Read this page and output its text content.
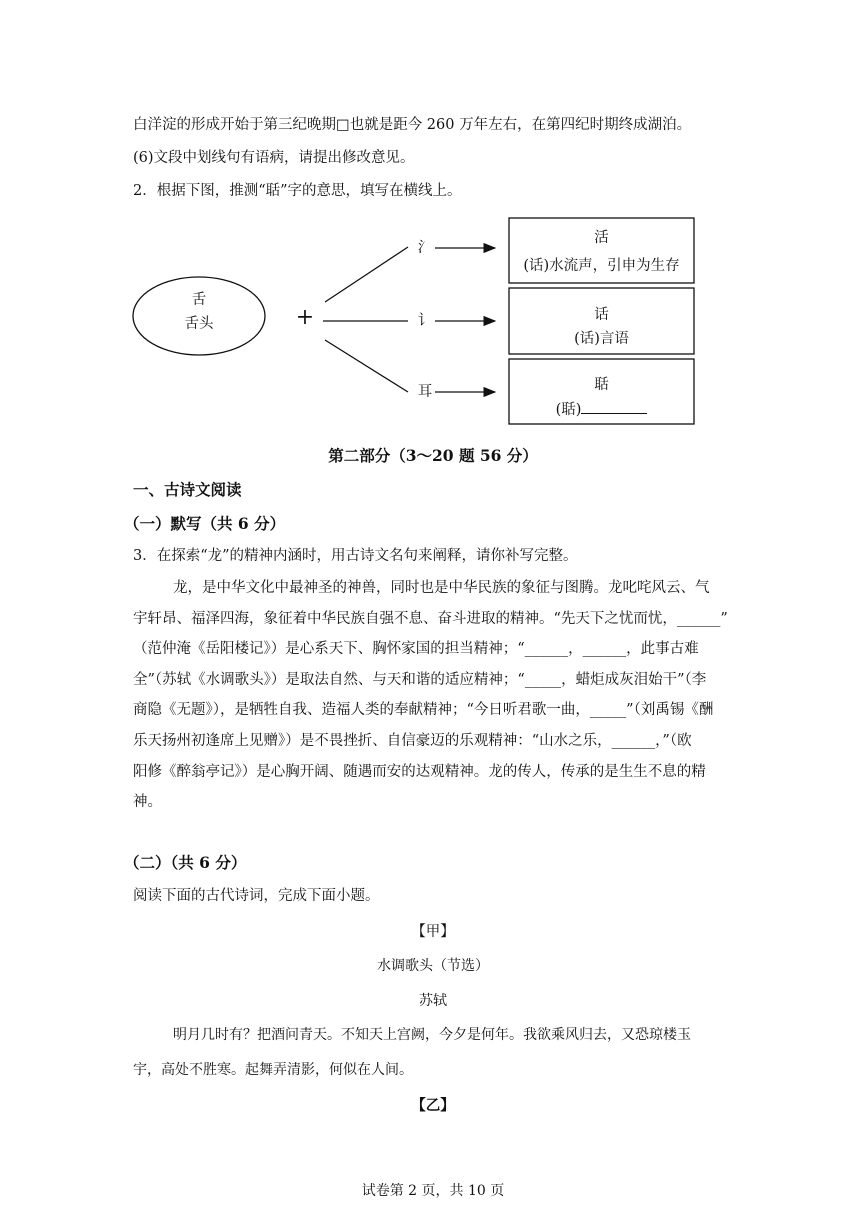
白洋淀的形成开始于第三纪晚期□也就是距今 260 万年左右，在第四纪时期终成湖泊。
(6)文段中划线句有语病，请提出修改意见。
2．根据下图，推测“聒”字的意思，填写在横线上。
舌
舌头	+
氵
讠
耳
活
(话)水流声，引申为生存
话
(话)言语
聒
(聒)
第二部分（3～20 题 56 分）
一、古诗文阅读
（一）默写（共 6 分）
3．在探索“龙”的精神内涵时，用古诗文名句来阐释，请你补写完整。
龙，是中华文化中最神圣的神兽，同时也是中华民族的象征与图腾。龙叱咤风云、气
宇轩昂、福泽四海，象征着中华民族自强不息、奋斗进取的精神。“先天下之忧而忧，______”
（范仲淹《岳阳楼记》）是心系天下、胸怀家国的担当精神；“______，______，此事古难
全”（苏轼《水调歌头》）是取法自然、与天和谐的适应精神；“_____，蜡炬成灰泪始干”（李
商隐《无题》），是牺牲自我、造福人类的奉献精神；“今日听君歌一曲，_____”（刘禹锡《酬
乐天扬州初逢席上见赠》）是不畏挫折、自信豪迈的乐观精神：“山水之乐，______，”（欧
阳修《醉翁亭记》）是心胸开阔、随遇而安的达观精神。龙的传人，传承的是生生不息的精
神。
（二）（共 6 分）
阅读下面的古代诗词，完成下面小题。
【甲】
水调歌头（节选）
苏轼
明月几时有？把酒问青天。不知天上宫阙，今夕是何年。我欲乘风归去，又恐琼楼玉
宇，高处不胜寒。起舞弄清影，何似在人间。
【乙】
试卷第 2 页，共 10 页
